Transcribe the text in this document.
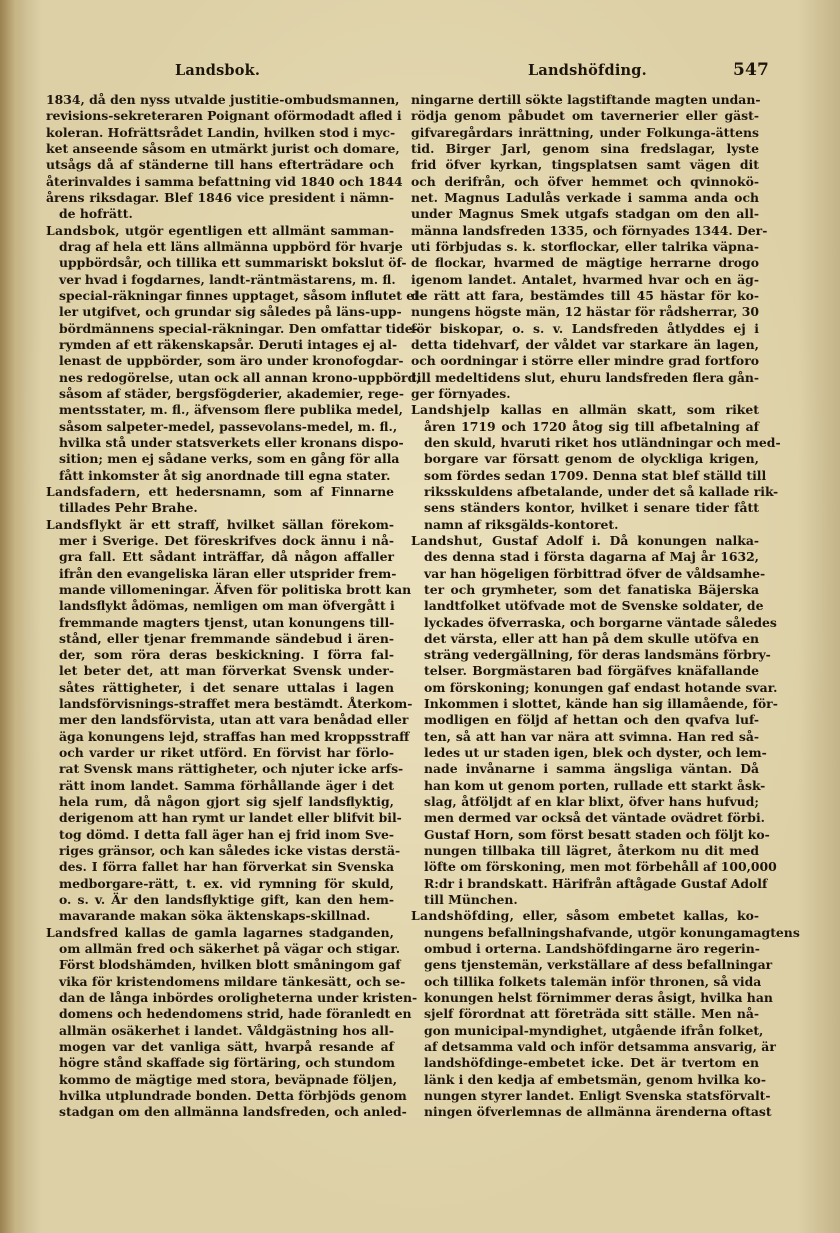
Landsbok.	Landshöfding.	547
1834, då den nyss utvalde justitie-ombudsmannen,
revisions-sekreteraren Poignant oförmodadt afled i
koleran. Hofrättsrådet Landin, hvilken stod i myc-
ket anseende såsom en utmärkt jurist och domare,
utsågs då af ständerne till hans efterträdare och
återinvaldes i samma befattning vid 1840 och 1844
årens riksdagar. Blef 1846 vice president i nämn-
de hofrätt.
Landsbok, utgör egentligen ett allmänt samman-
drag af hela ett läns allmänna uppbörd för hvarje
uppbördsår, och tillika ett summariskt bokslut öf-
ver hvad i fogdarnes, landt-räntmästarens, m. fl.
special-räkningar finnes upptaget, såsom influtet el-
ler utgifvet, och grundar sig således på läns-upp-
bördmännens special-räkningar. Den omfattar tide-
rymden af ett räkenskapsår. Deruti intages ej al-
lenast de uppbörder, som äro under kronofogdar-
nes redogörelse, utan ock all annan krono-uppbörd,
såsom af städer, bergsfögderier, akademier, rege-
mentsstater, m. fl., äfvensom flere publika medel,
såsom salpeter-medel, passevolans-medel, m. fl.,
hvilka stå under statsverkets eller kronans dispo-
sition; men ej sådane verks, som en gång för alla
fått inkomster åt sig anordnade till egna stater.
Landsfadern, ett hedersnamn, som af Finnarne
tillades Pehr Brahe.
Landsflykt är ett straff, hvilket sällan förekom-
mer i Sverige. Det föreskrifves dock ännu i nå-
gra fall. Ett sådant inträffar, då någon affaller
ifrån den evangeliska läran eller utsprider frem-
mande villomeningar. Äfven för politiska brott kan
landsflykt ådömas, nemligen om man öfvergått i
fremmande magters tjenst, utan konungens till-
stånd, eller tjenar fremmande sändebud i ären-
der, som röra deras beskickning. I förra fal-
let beter det, att man förverkat Svensk under-
såtes rättigheter, i det senare uttalas i lagen
landsförvisnings-straffet mera bestämdt. Återkom-
mer den landsförvista, utan att vara benådad eller
äga konungens lejd, straffas han med kroppsstraff
och varder ur riket utförd. En förvist har förlo-
rat Svensk mans rättigheter, och njuter icke arfs-
rätt inom landet. Samma förhållande äger i det
hela rum, då någon gjort sig sjelf landsflyktig,
derigenom att han rymt ur landet eller blifvit bil-
tog dömd. I detta fall äger han ej frid inom Sve-
riges gränsor, och kan således icke vistas derstä-
des. I förra fallet har han förverkat sin Svenska
medborgare-rätt, t. ex. vid rymning för skuld,
o. s. v. Är den landsflyktige gift, kan den hem-
mavarande makan söka äktenskaps-skillnad.
Landsfred kallas de gamla lagarnes stadganden,
om allmän fred och säkerhet på vägar och stigar.
Först blodshämden, hvilken blott småningom gaf
vika för kristendomens mildare tänkesätt, och se-
dan de långa inbördes oroligheterna under kristen-
domens och hedendomens strid, hade föranledt en
allmän osäkerhet i landet. Våldgästning hos all-
mogen var det vanliga sätt, hvarpå resande af
högre stånd skaffade sig förtäring, och stundom
kommo de mägtige med stora, beväpnade följen,
hvilka utplundrade bonden. Detta förbjöds genom
stadgan om den allmänna landsfreden, och anled-
ningarne dertill sökte lagstiftande magten undan-
rödja genom påbudet om tavernerier eller gäst-
gifvaregårdars inrättning, under Folkunga-ättens
tid. Birger Jarl, genom sina fredslagar, lyste
frid öfver kyrkan, tingsplatsen samt vägen dit
och derifrån, och öfver hemmet och qvinnokö-
net. Magnus Ladulås verkade i samma anda och
under Magnus Smek utgafs stadgan om den all-
männa landsfreden 1335, och förnyades 1344. Der-
uti förbjudas s. k. storflockar, eller talrika väpna-
de flockar, hvarmed de mägtige herrarne drogo
igenom landet. Antalet, hvarmed hvar och en äg-
de rätt att fara, bestämdes till 45 hästar för ko-
nungens högste män, 12 hästar för rådsherrar, 30
för biskopar, o. s. v. Landsfreden åtlyddes ej i
detta tidehvarf, der våldet var starkare än lagen,
och oordningar i större eller mindre grad fortforo
till medeltidens slut, ehuru landsfreden flera gån-
ger förnyades.
Landshjelp kallas en allmän skatt, som riket
åren 1719 och 1720 åtog sig till afbetalning af
den skuld, hvaruti riket hos utländningar och med-
borgare var försatt genom de olyckliga krigen,
som fördes sedan 1709. Denna stat blef ställd till
riksskuldens afbetalande, under det så kallade rik-
sens ständers kontor, hvilket i senare tider fått
namn af riksgälds-kontoret.
Landshut, Gustaf Adolf i. Då konungen nalka-
des denna stad i första dagarna af Maj år 1632,
var han högeligen förbittrad öfver de våldsamhe-
ter och grymheter, som det fanatiska Bäjerska
landtfolket utöfvade mot de Svenske soldater, de
lyckades öfverraska, och borgarne väntade således
det värsta, eller att han på dem skulle utöfva en
sträng vedergällning, för deras landsmäns förbry-
telser. Borgmästaren bad förgäfves knäfallande
om förskoning; konungen gaf endast hotande svar.
Inkommen i slottet, kände han sig illamående, för-
modligen en följd af hettan och den qvafva luf-
ten, så att han var nära att svimna. Han red så-
ledes ut ur staden igen, blek och dyster, och lem-
nade invånarne i samma ängsliga väntan. Då
han kom ut genom porten, rullade ett starkt åsk-
slag, åtföljdt af en klar blixt, öfver hans hufvud;
men dermed var också det väntade ovädret förbi.
Gustaf Horn, som först besatt staden och följt ko-
nungen tillbaka till lägret, återkom nu dit med
löfte om förskoning, men mot förbehåll af 100,000
R:dr i brandskatt. Härifrån aftågade Gustaf Adolf
till München.
Landshöfding, eller, såsom embetet kallas, ko-
nungens befallningshafvande, utgör konungamagtens
ombud i orterna. Landshöfdingarne äro regerin-
gens tjenstemän, verkställare af dess befallningar
och tillika folkets talemän inför thronen, så vida
konungen helst förnimmer deras åsigt, hvilka han
sjelf förordnat att företräda sitt ställe. Men nå-
gon municipal-myndighet, utgående ifrån folket,
af detsamma vald och inför detsamma ansvarig, är
landshöfdinge-embetet icke. Det är tvertom en
länk i den kedja af embetsmän, genom hvilka ko-
nungen styrer landet. Enligt Svenska statsförvalt-
ningen öfverlemnas de allmänna ärenderna oftast
